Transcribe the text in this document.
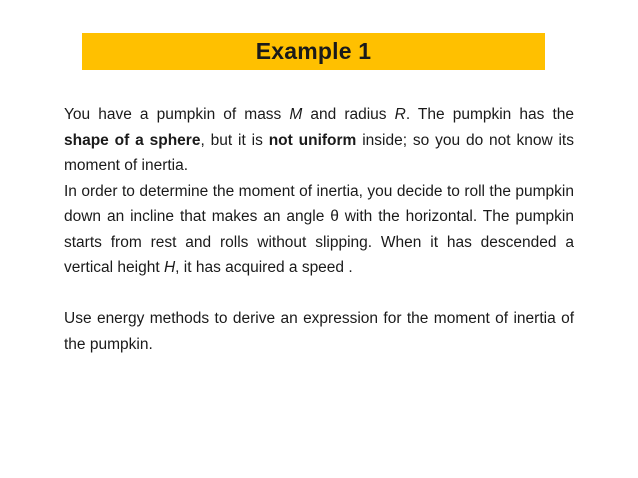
Example 1

You have a pumpkin of mass M and radius R. The pumpkin has the shape of a sphere, but it is not uniform inside; so you do not know its moment of inertia.

In order to determine the moment of inertia, you decide to roll the pumpkin down an incline that makes an angle θ with the horizontal. The pumpkin starts from rest and rolls without slipping. When it has descended a vertical height H, it has acquired a speed .

Use energy methods to derive an expression for the moment of inertia of the pumpkin.
